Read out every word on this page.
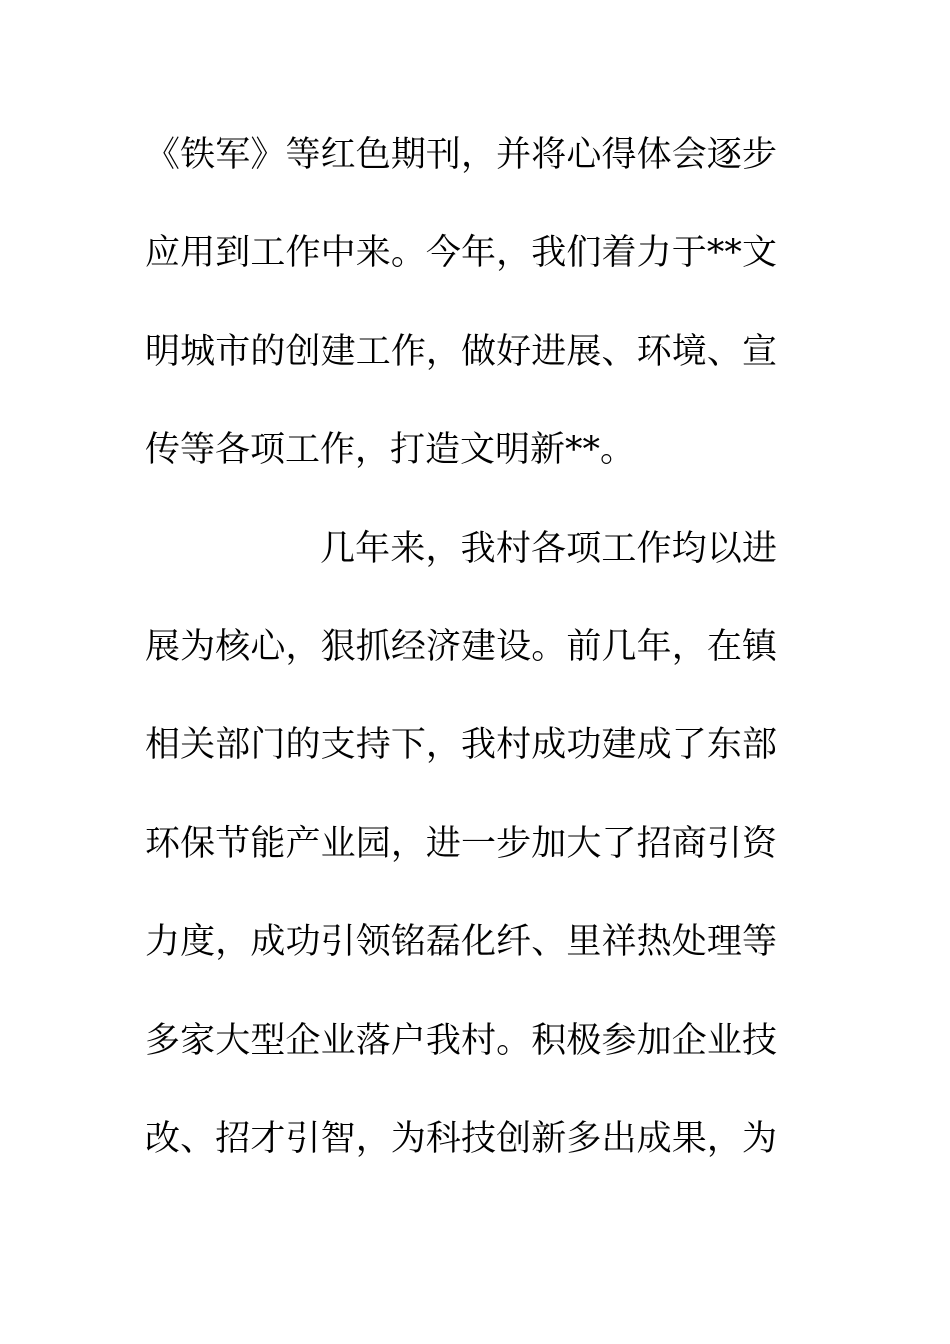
《铁军》等红色期刊，并将心得体会逐步
应用到工作中来。今年，我们着力于**文
明城市的创建工作，做好进展、环境、宣
传等各项工作，打造文明新**。
几年来，我村各项工作均以进
展为核心，狠抓经济建设。前几年，在镇
相关部门的支持下，我村成功建成了东部
环保节能产业园，进一步加大了招商引资
力度，成功引领铭磊化纤、里祥热处理等
多家大型企业落户我村。积极参加企业技
改、招才引智，为科技创新多出成果，为
